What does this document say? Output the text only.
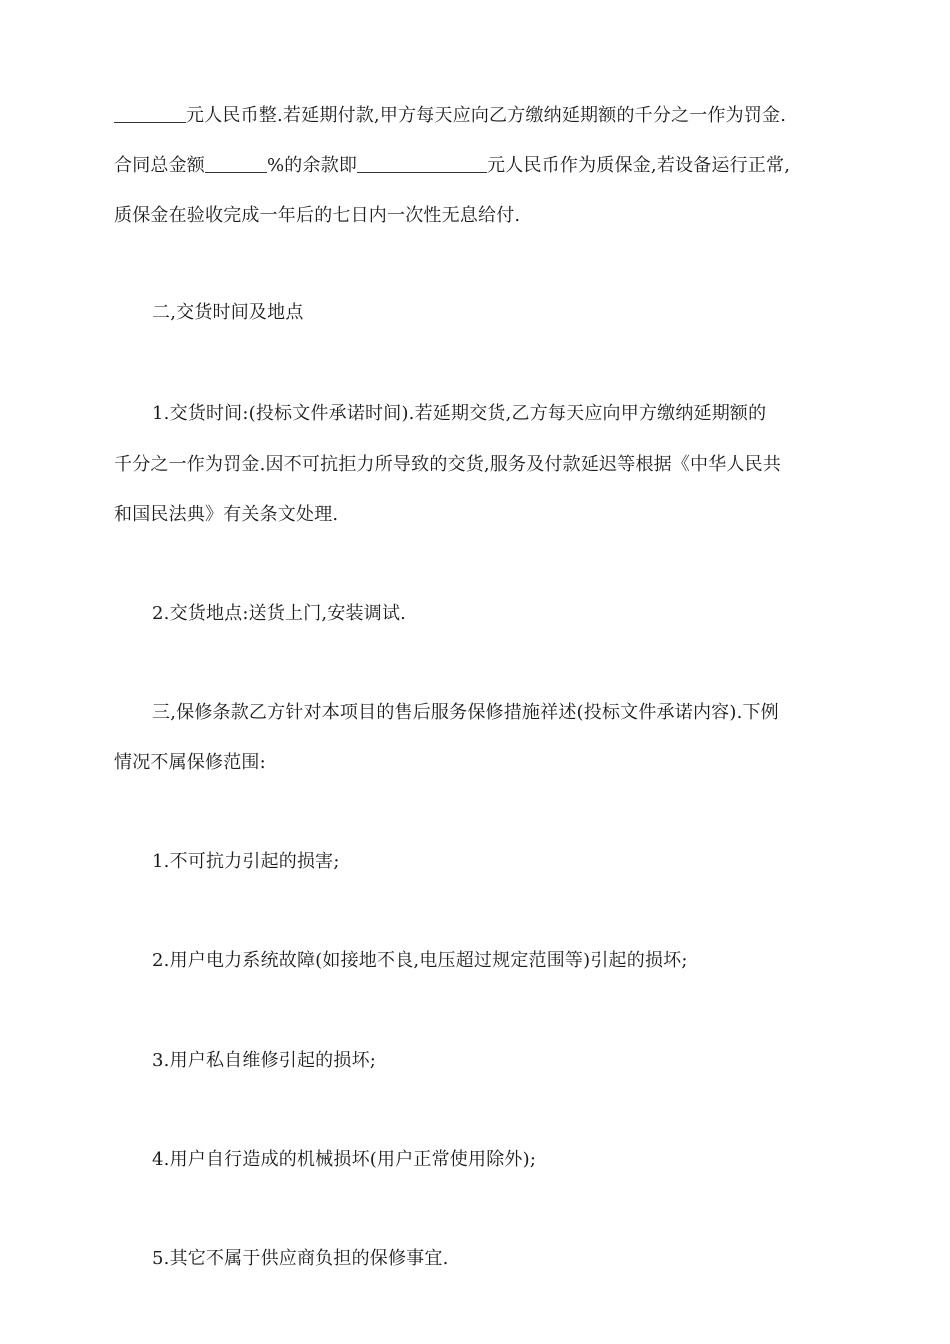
元人民币整.若延期付款,甲方每天应向乙方缴纳延期额的千分之一作为罚金.
合同总金额	%的余款即	元人民币作为质保金,若设备运行正常,
质保金在验收完成一年后的七日内一次性无息给付.
二,交货时间及地点
1.交货时间:(投标文件承诺时间).若延期交货,乙方每天应向甲方缴纳延期额的
千分之一作为罚金.因不可抗拒力所导致的交货,服务及付款延迟等根据《中华人民共
和国民法典》有关条文处理.
2.交货地点:送货上门,安装调试.
三,保修条款乙方针对本项目的售后服务保修措施祥述(投标文件承诺内容).下例
情况不属保修范围:
1.不可抗力引起的损害;
2.用户电力系统故障(如接地不良,电压超过规定范围等)引起的损坏;
3.用户私自维修引起的损坏;
4.用户自行造成的机械损坏(用户正常使用除外);
5.其它不属于供应商负担的保修事宜.
